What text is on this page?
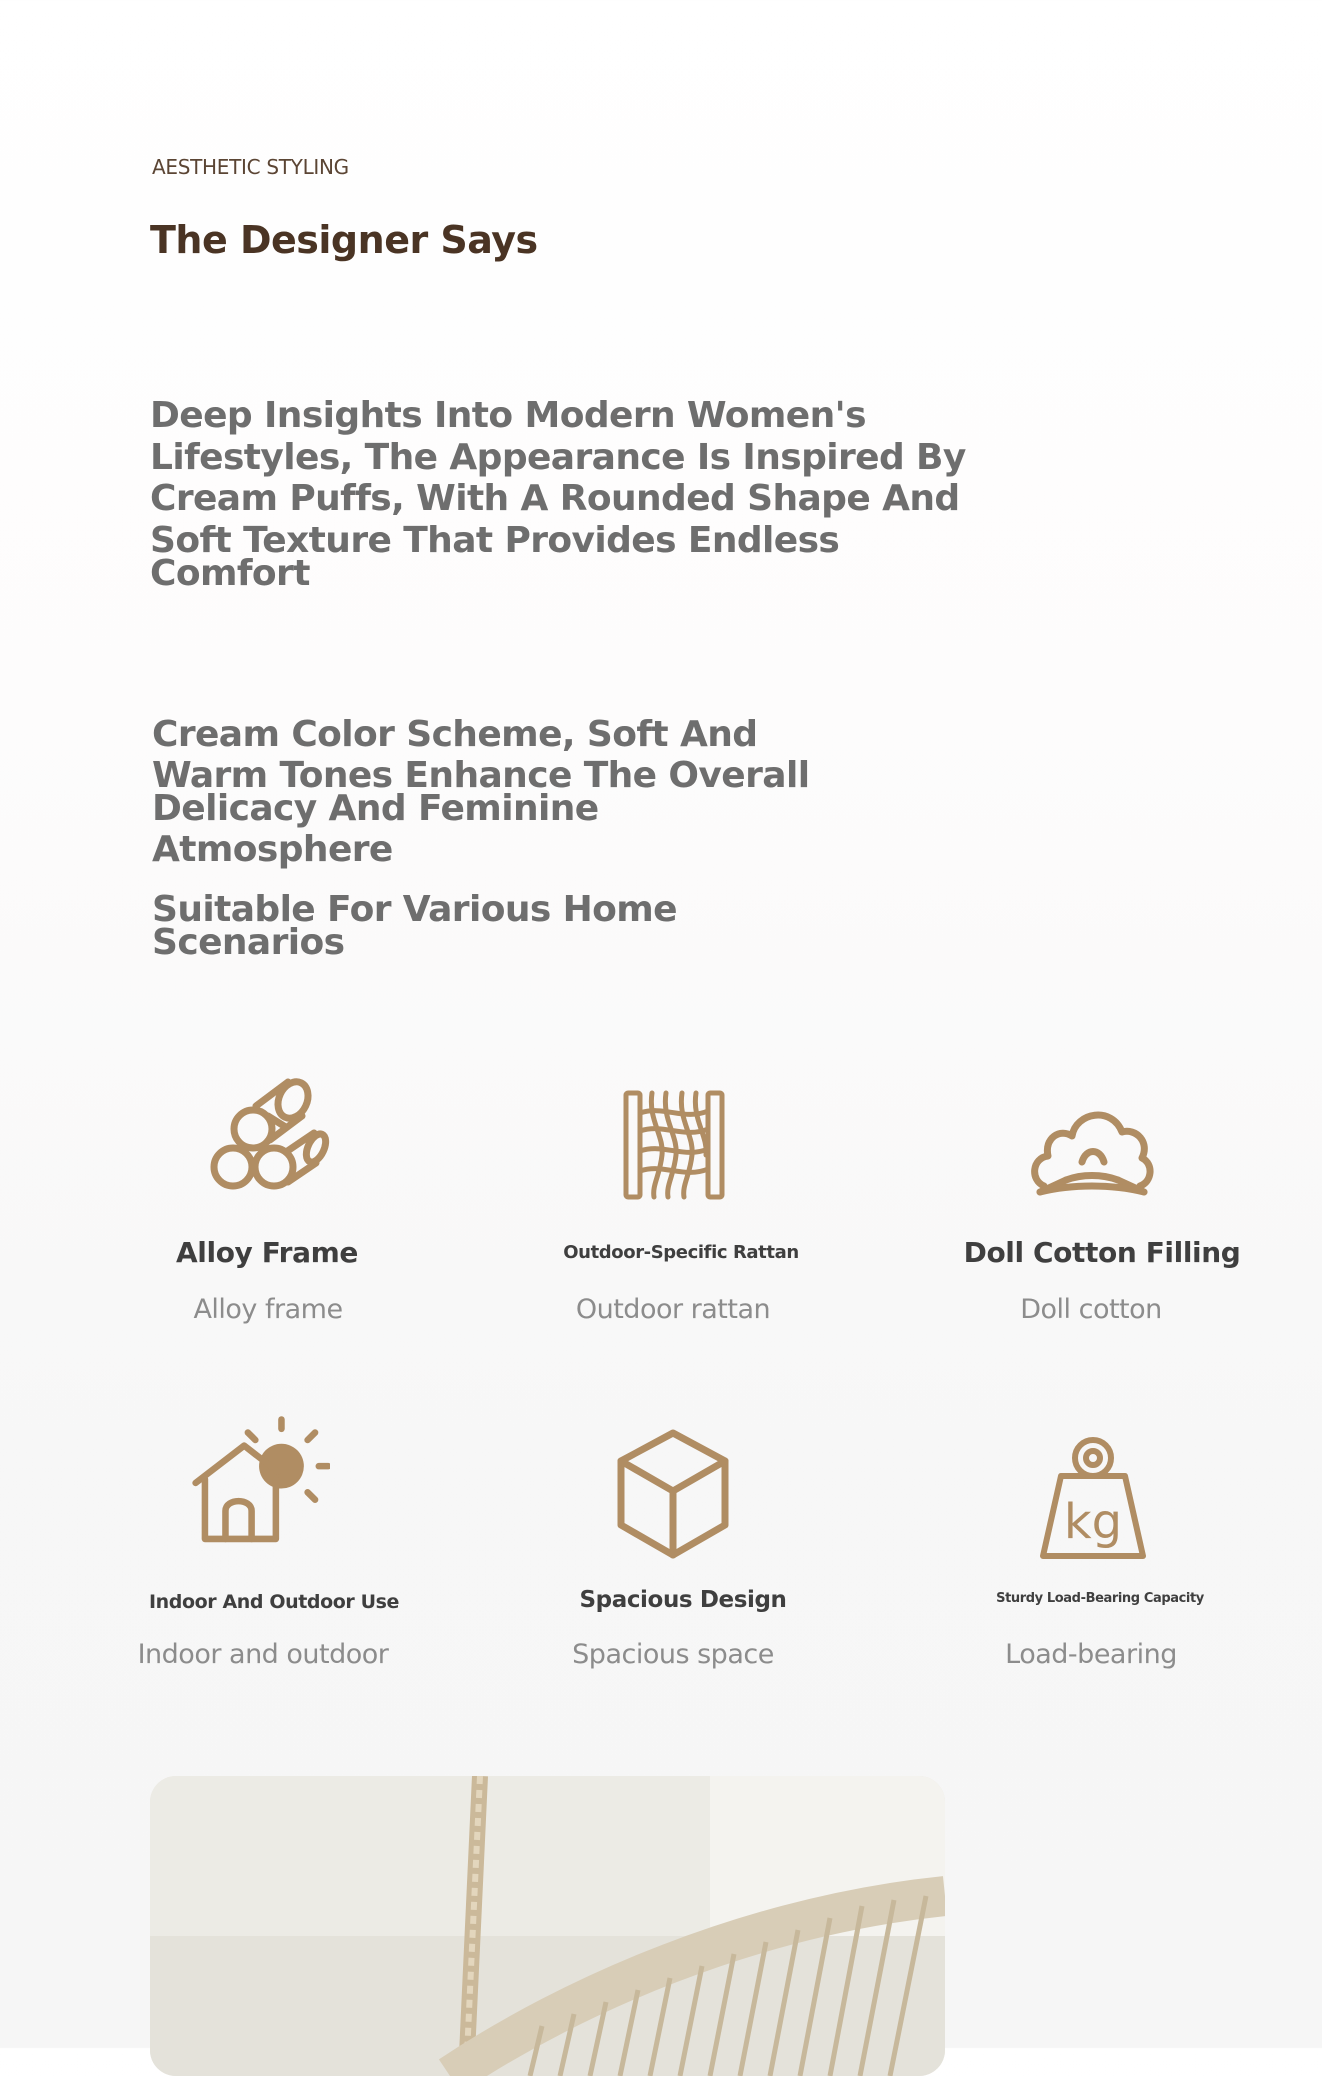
AESTHETIC STYLING
The Designer Says
Deep Insights Into Modern Women's
Lifestyles, The Appearance Is Inspired By
Cream Puffs, With A Rounded Shape And
Soft Texture That Provides Endless
Comfort
Cream Color Scheme, Soft And
Warm Tones Enhance The Overall
Delicacy And Feminine
Atmosphere
Suitable For Various Home
Scenarios
Alloy Frame
Alloy frame
Outdoor-Specific Rattan
Outdoor rattan
Doll Cotton Filling
Doll cotton
Indoor And Outdoor Use
Indoor and outdoor
Spacious Design
Spacious space
kg
Sturdy Load-Bearing Capacity
Load-bearing
